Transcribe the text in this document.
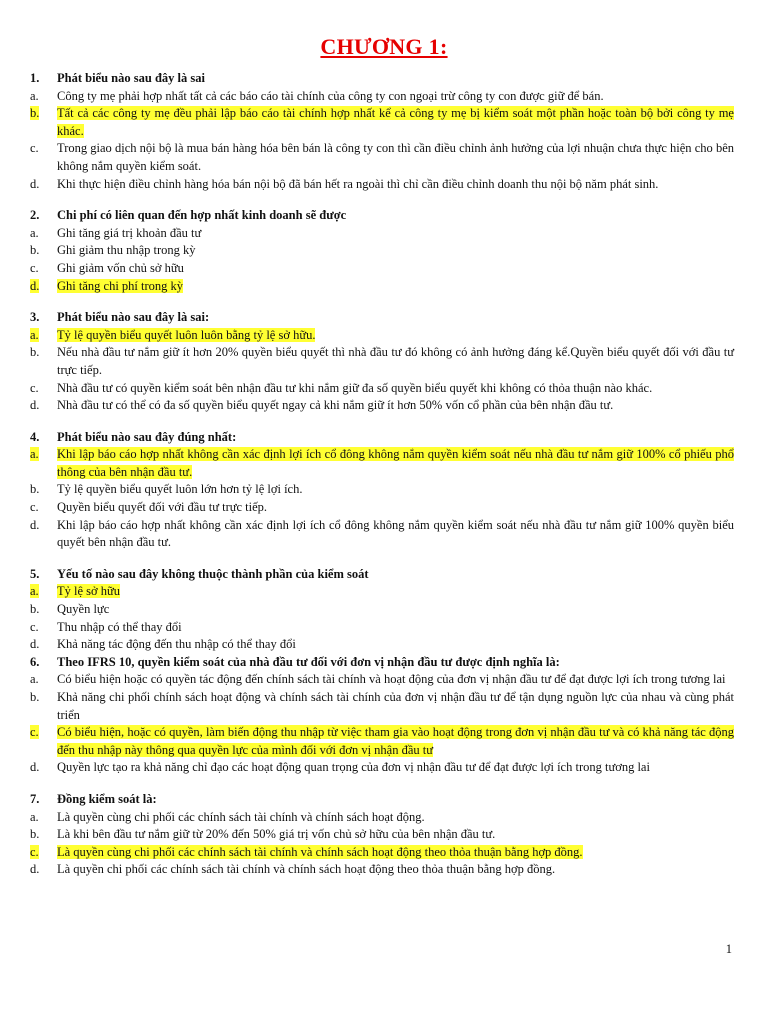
CHƯƠNG 1:
1.	Phát biểu nào sau đây là sai
a.	Công ty mẹ phải hợp nhất tất cả các báo cáo tài chính của công ty con ngoại trừ công ty con được giữ để bán.
b.	Tất cả các công ty mẹ đều phải lập báo cáo tài chính hợp nhất kể cả công ty mẹ bị kiểm soát một phần hoặc toàn bộ bởi công ty mẹ khác.
c.	Trong giao dịch nội bộ là mua bán hàng hóa bên bán là công ty con thì cần điều chỉnh ảnh hưởng của lợi nhuận chưa thực hiện cho bên không nắm quyền kiểm soát.
d.	Khi thực hiện điều chỉnh hàng hóa bán nội bộ đã bán hết ra ngoài thì chỉ cần điều chỉnh doanh thu nội bộ năm phát sinh.
2.	Chi phí có liên quan đến hợp nhất kinh doanh sẽ được
a.	Ghi tăng giá trị khoản đầu tư
b.	Ghi giảm thu nhập trong kỳ
c.	Ghi giảm vốn chủ sở hữu
d.	Ghi tăng chi phí trong kỳ
3.	Phát biểu nào sau đây là sai:
a.	Tỷ lệ quyền biểu quyết luôn luôn bằng tỷ lệ sở hữu.
b.	Nếu nhà đầu tư nắm giữ ít hơn 20% quyền biểu quyết thì nhà đầu tư đó không có ảnh hưởng đáng kể.Quyền biểu quyết đối với đầu tư trực tiếp.
c.	Nhà đầu tư có quyền kiểm soát bên nhận đầu tư khi nắm giữ đa số quyền biểu quyết khi không có thỏa thuận nào khác.
d.	Nhà đầu tư có thể có đa số quyền biểu quyết ngay cả khi nắm giữ ít hơn 50% vốn cổ phần của bên nhận đầu tư.
4.	Phát biểu nào sau đây đúng nhất:
a.	Khi lập báo cáo hợp nhất không cần xác định lợi ích cổ đông không nắm quyền kiểm soát nếu nhà đầu tư nắm giữ 100% cổ phiếu phổ thông của bên nhận đầu tư.
b.	Tỷ lệ quyền biểu quyết luôn lớn hơn tỷ lệ lợi ích.
c.	Quyền biểu quyết đối với đầu tư trực tiếp.
d.	Khi lập báo cáo hợp nhất không cần xác định lợi ích cổ đông không nắm quyền kiểm soát nếu nhà đầu tư nắm giữ 100% quyền biểu quyết bên nhận đầu tư.
5.	Yếu tố nào sau đây không thuộc thành phần của kiểm soát
a.	Tỷ lệ sở hữu
b.	Quyền lực
c.	Thu nhập có thể thay đổi
d.	Khả năng tác động đến thu nhập có thể thay đổi
6.	Theo IFRS 10, quyền kiểm soát của nhà đầu tư đối với đơn vị nhận đầu tư được định nghĩa là:
a.	Có biểu hiện hoặc có quyền tác động đến chính sách tài chính và hoạt động của đơn vị nhận đầu tư để đạt được lợi ích trong tương lai
b.	Khả năng chi phối chính sách hoạt động và chính sách tài chính của đơn vị nhận đầu tư để tận dụng nguồn lực của nhau và cùng phát triển
c.	Có biểu hiện, hoặc có quyền, làm biến động thu nhập từ việc tham gia vào hoạt động trong đơn vị nhận đầu tư và có khả năng tác động đến thu nhập này thông qua quyền lực của mình đối với đơn vị nhận đầu tư
d.	Quyền lực tạo ra khả năng chỉ đạo các hoạt động quan trọng của đơn vị nhận đầu tư để đạt được lợi ích trong tương lai
7.	Đồng kiểm soát là:
a.	Là quyền cùng chi phối các chính sách tài chính và chính sách hoạt động.
b.	Là khi bên đầu tư nắm giữ từ 20% đến 50% giá trị vốn chủ sở hữu của bên nhận đầu tư.
c.	Là quyền cùng chi phối các chính sách tài chính và chính sách hoạt động theo thỏa thuận bằng hợp đồng.
d.	Là quyền chi phối các chính sách tài chính và chính sách hoạt động theo thỏa thuận bằng hợp đồng.
1
